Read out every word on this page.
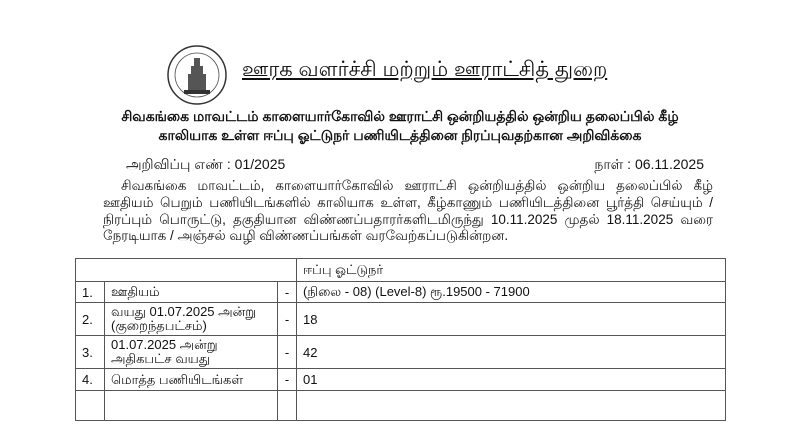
ஊரக வளர்ச்சி மற்றும் ஊராட்சித் துறை
சிவகங்கை மாவட்டம் காளையார்கோவில் ஊராட்சி ஒன்றியத்தில் ஒன்றிய தலைப்பில் கீழ்
காலியாக உள்ள ஈப்பு ஓட்டுநர் பணியிடத்தினை நிரப்புவதற்கான அறிவிக்கை
அறிவிப்பு எண் : 01/2025	நாள் : 06.11.2025

சிவகங்கை மாவட்டம், காளையார்கோவில் ஊராட்சி ஒன்றியத்தில் ஒன்றிய தலைப்பில் கீழ் ஊதியம் பெறும் பணியிடங்களில் காலியாக உள்ள, கீழ்காணும் பணியிடத்தினை பூர்த்தி செய்யும் / நிரப்பும் பொருட்டு, தகுதியான விண்ணப்பதாரர்களிடமிருந்து 10.11.2025 முதல் 18.11.2025 வரை நேரடியாக / அஞ்சல் வழி விண்ணப்பங்கள் வரவேற்கப்படுகின்றன.

			ஈப்பு ஓட்டுநர்
1.	ஊதியம்	-	(நிலை - 08) (Level-8) ரூ.19500 - 71900
2.	வயது 01.07.2025 அன்று (குறைந்தபட்சம்)	-	18
3.	01.07.2025 அன்று அதிகபட்ச வயது	-	42
4.	மொத்த பணியிடங்கள்	-	01
